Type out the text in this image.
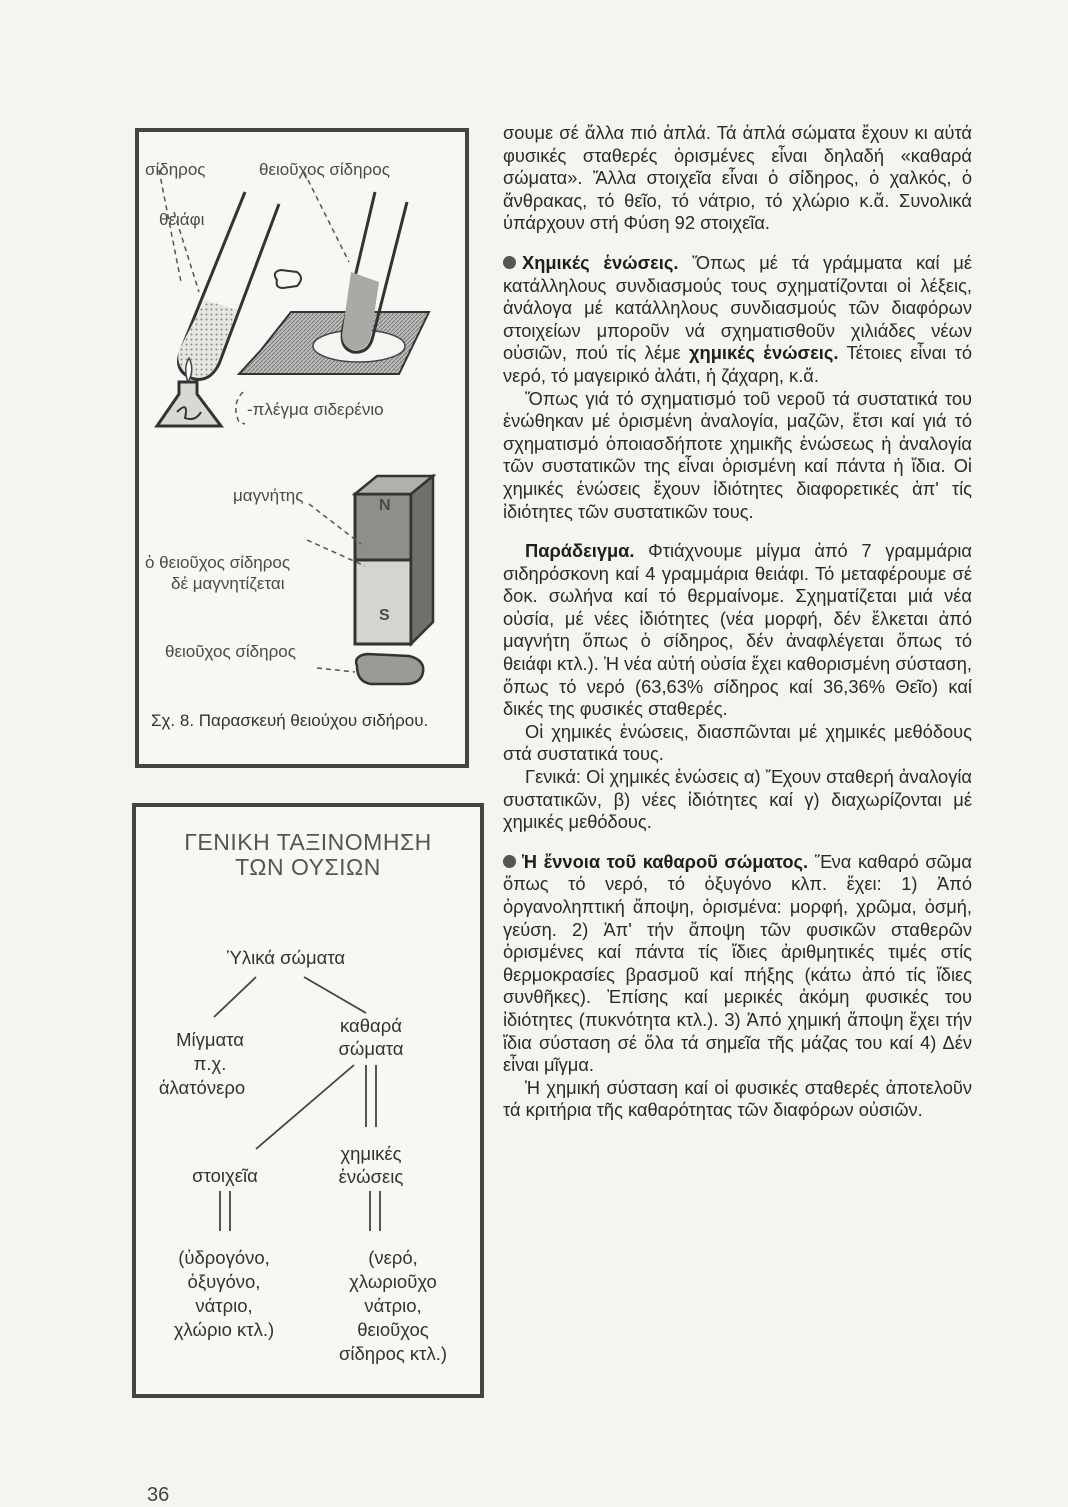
σίδηρος	θειοῦχος σίδηρος
θειάφι
-πλέγμα σιδερένιο
μαγνήτης
N
S
ὁ θειοῦχος σίδηρος
δέ μαγνητίζεται
θειοῦχος σίδηρος
Σχ. 8. Παρασκευή θειούχου σιδήρου.
ΓΕΝΙΚΗ ΤΑΞΙΝΟΜΗΣΗ
ΤΩΝ ΟΥΣΙΩΝ
Ὑλικά σώματα
Μίγματα
π.χ.
ἁλατόνερο
καθαρά
σώματα
στοιχεῖα
χημικές
ἑνώσεις
(ὑδρογόνο,
ὀξυγόνο,
νάτριο,
χλώριο κτλ.)
(νερό,
χλωριοῦχο
νάτριο,
θειοῦχος
σίδηρος κτλ.)

σουμε σέ ἄλλα πιό ἁπλά. Τά ἁπλά σώματα ἔχουν κι αὐτά φυσικές σταθερές ὁρισμένες εἶναι δηλαδή «καθαρά σώματα». Ἄλλα στοιχεῖα εἶναι ὁ σίδηρος, ὁ χαλκός, ὁ ἄνθρακας, τό θεῖο, τό νάτριο, τό χλώριο κ.ἄ. Συνολικά ὑπάρχουν στή Φύση 92 στοιχεῖα.

Χημικές ἑνώσεις. Ὅπως μέ τά γράμματα καί μέ κατάλληλους συνδιασμούς τους σχηματίζονται οἱ λέξεις, ἀνάλογα μέ κατάλληλους συνδιασμούς τῶν διαφόρων στοιχείων μποροῦν νά σχηματισθοῦν χιλιάδες νέων οὐσιῶν, πού τίς λέμε χημικές ἑνώσεις. Τέτοιες εἶναι τό νερό, τό μαγειρικό ἁλάτι, ἡ ζάχαρη, κ.ἄ.

Ὅπως γιά τό σχηματισμό τοῦ νεροῦ τά συστατικά του ἑνώθηκαν μέ ὁρισμένη ἀναλογία, μαζῶν, ἔτσι καί γιά τό σχηματισμό ὁποιασδήποτε χημικῆς ἑνώσεως ἡ ἀναλογία τῶν συστατικῶν της εἶναι ὁρισμένη καί πάντα ἡ ἴδια. Οἱ χημικές ἑνώσεις ἔχουν ἰδιότητες διαφορετικές ἀπ' τίς ἰδιότητες τῶν συστατικῶν τους.

Παράδειγμα. Φτιάχνουμε μίγμα ἀπό 7 γραμμάρια σιδηρόσκονη καί 4 γραμμάρια θειάφι. Τό μεταφέρουμε σέ δοκ. σωλήνα καί τό θερμαίνομε. Σχηματίζεται μιά νέα οὐσία, μέ νέες ἰδιότητες (νέα μορφή, δέν ἕλκεται ἀπό μαγνήτη ὅπως ὁ σίδηρος, δέν ἀναφλέγεται ὅπως τό θειάφι κτλ.). Ἡ νέα αὐτή οὐσία ἔχει καθορισμένη σύσταση, ὅπως τό νερό (63,63% σίδηρος καί 36,36% Θεῖο) καί δικές της φυσικές σταθερές.

Οἱ χημικές ἑνώσεις, διασπῶνται μέ χημικές μεθόδους στά συστατικά τους.

Γενικά: Οἱ χημικές ἑνώσεις α) Ἔχουν σταθερή ἀναλογία συστατικῶν, β) νέες ἰδιότητες καί γ) διαχωρίζονται μέ χημικές μεθόδους.

Ἡ ἔννοια τοῦ καθαροῦ σώματος. Ἕνα καθαρό σῶμα ὅπως τό νερό, τό ὀξυγόνο κλπ. ἔχει: 1) Ἀπό ὀργανοληπτική ἄποψη, ὁρισμένα: μορφή, χρῶμα, ὀσμή, γεύση. 2) Ἀπ' τήν ἄποψη τῶν φυσικῶν σταθερῶν ὁρισμένες καί πάντα τίς ἴδιες ἀριθμητικές τιμές στίς θερμοκρασίες βρασμοῦ καί πήξης (κάτω ἀπό τίς ἴδιες συνθῆκες). Ἐπίσης καί μερικές ἀκόμη φυσικές του ἰδιότητες (πυκνότητα κτλ.). 3) Ἀπό χημική ἄποψη ἔχει τήν ἴδια σύσταση σέ ὅλα τά σημεῖα τῆς μάζας του καί 4) Δέν εἶναι μῖγμα.

Ἡ χημική σύσταση καί οἱ φυσικές σταθερές ἀποτελοῦν τά κριτήρια τῆς καθαρότητας τῶν διαφόρων οὐσιῶν.

36
